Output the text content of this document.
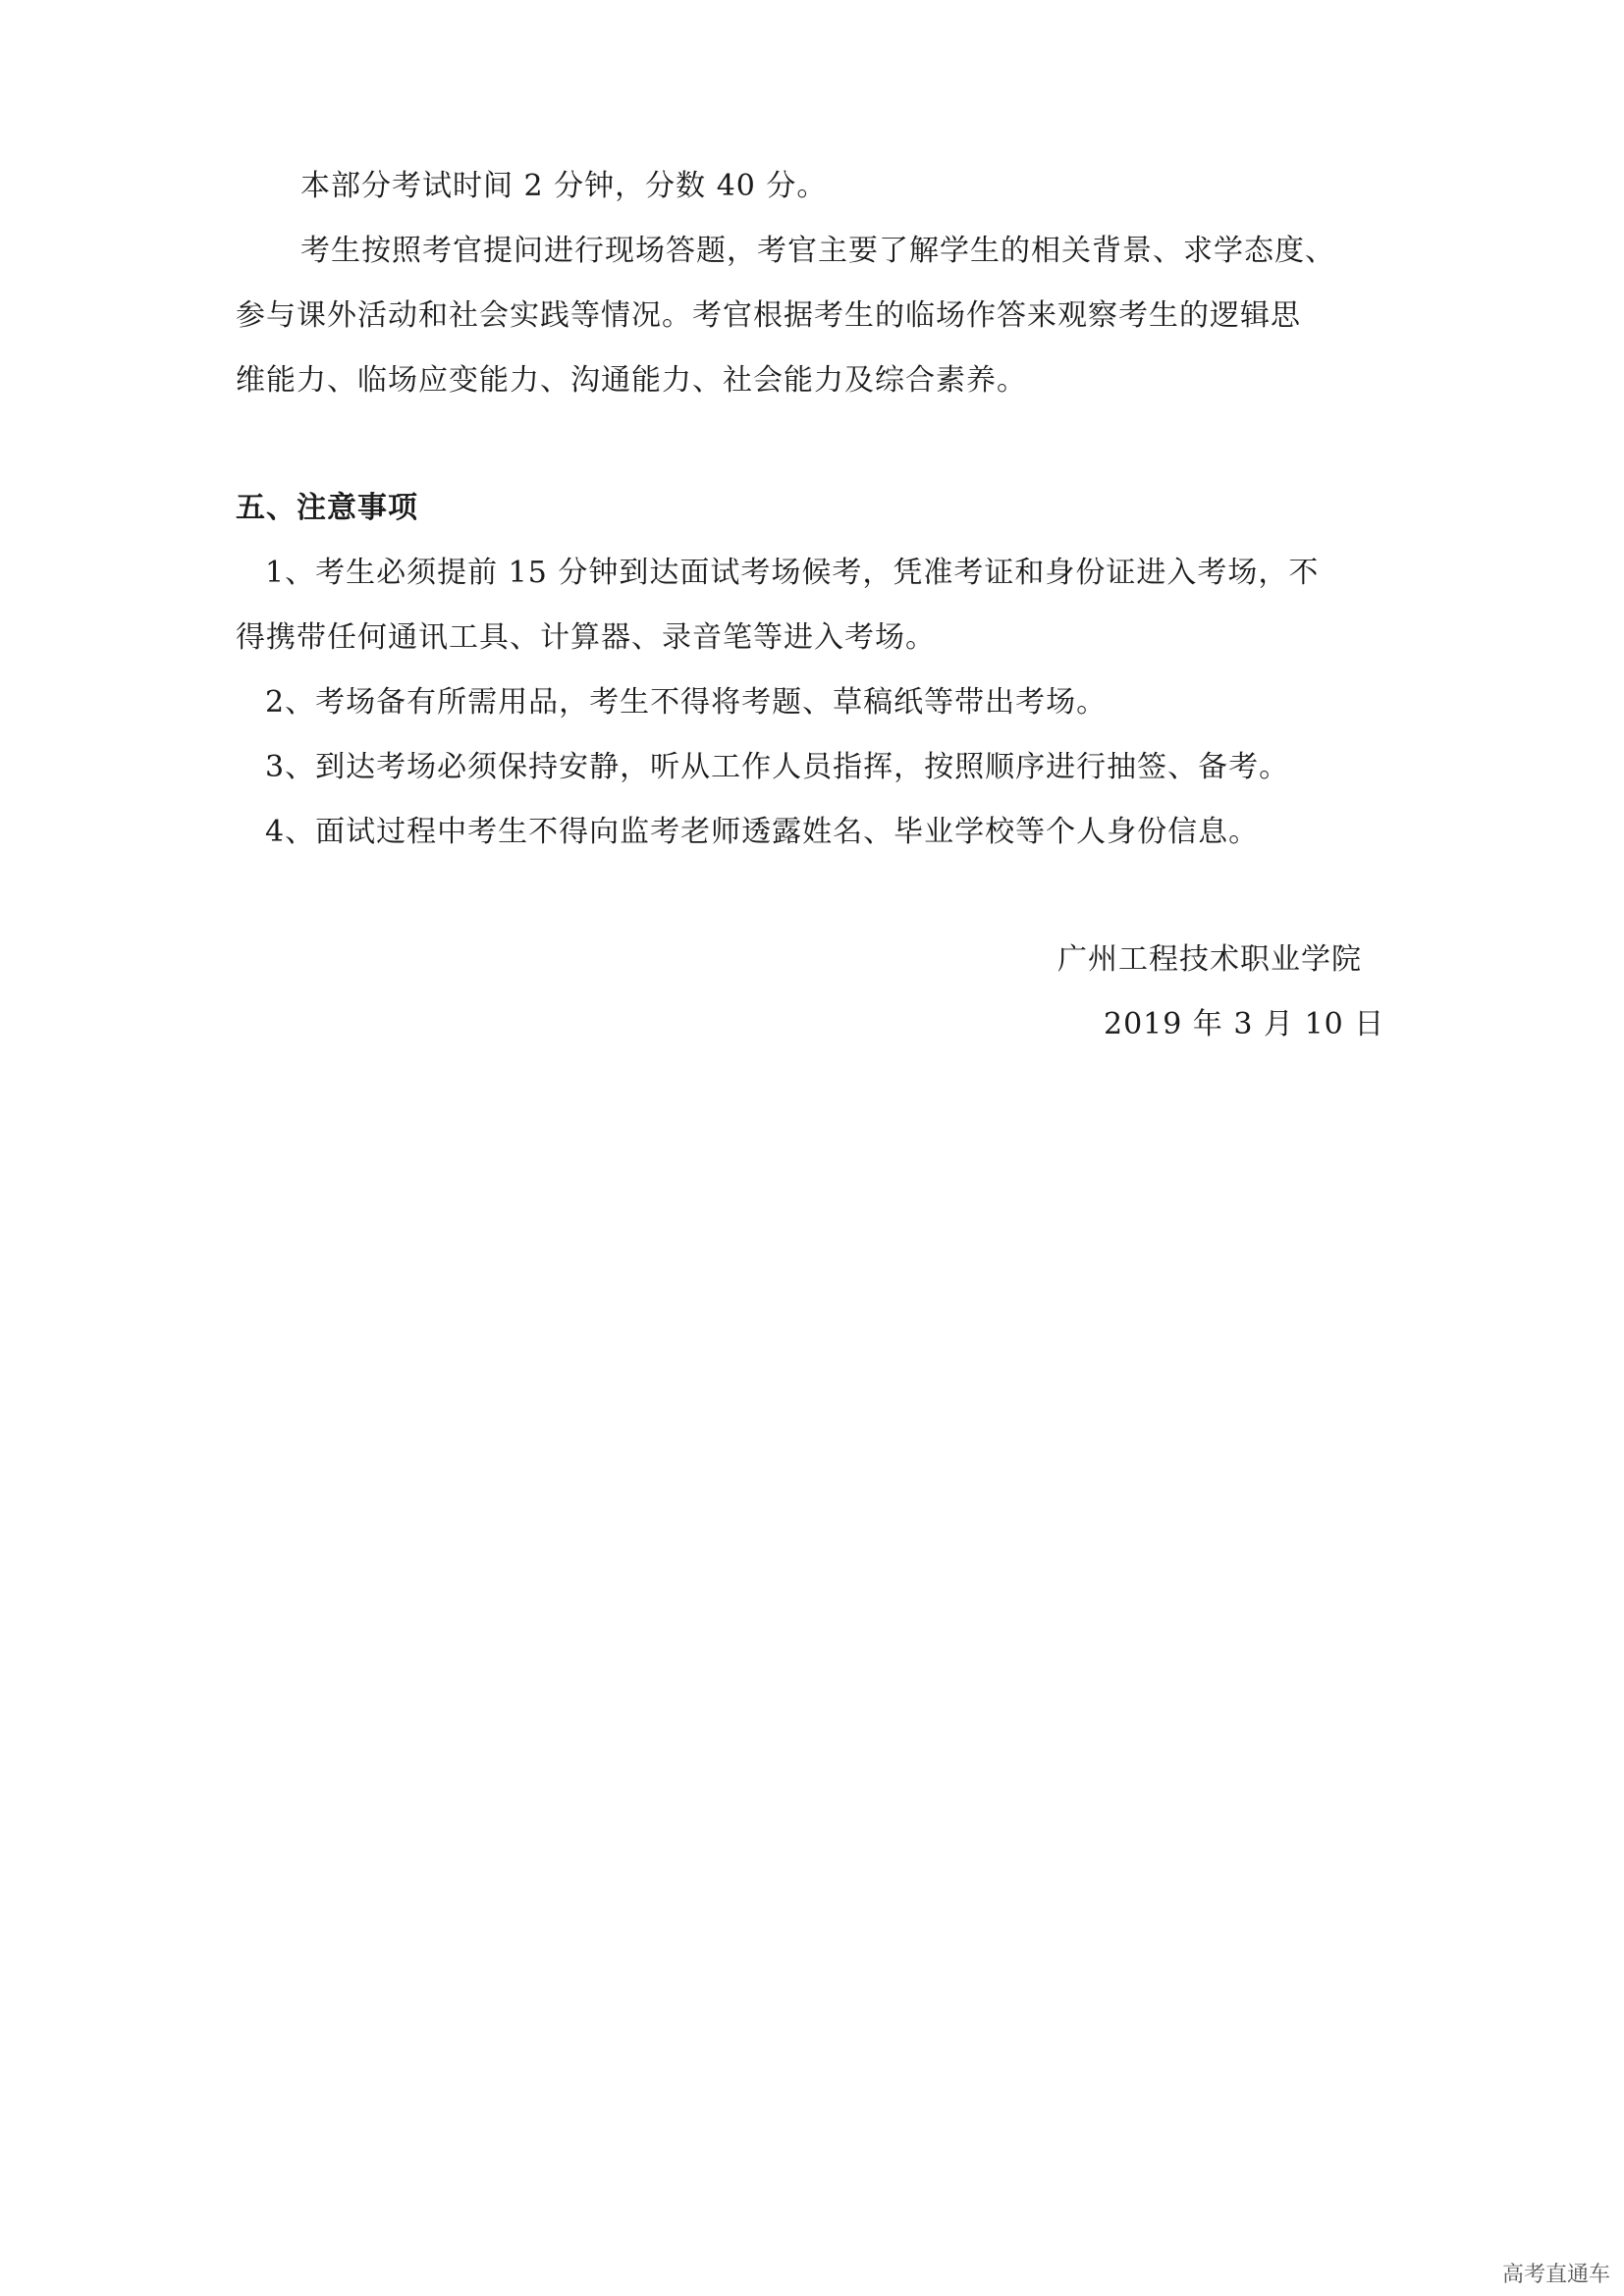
本部分考试时间 2 分钟，分数 40 分。
考生按照考官提问进行现场答题，考官主要了解学生的相关背景、求学态度、
参与课外活动和社会实践等情况。考官根据考生的临场作答来观察考生的逻辑思
维能力、临场应变能力、沟通能力、社会能力及综合素养。
五、注意事项
1、考生必须提前 15 分钟到达面试考场候考，凭准考证和身份证进入考场，不
得携带任何通讯工具、计算器、录音笔等进入考场。
2、考场备有所需用品，考生不得将考题、草稿纸等带出考场。
3、到达考场必须保持安静，听从工作人员指挥，按照顺序进行抽签、备考。
4、面试过程中考生不得向监考老师透露姓名、毕业学校等个人身份信息。
广州工程技术职业学院
2019 年 3 月 10 日
高考直通车
